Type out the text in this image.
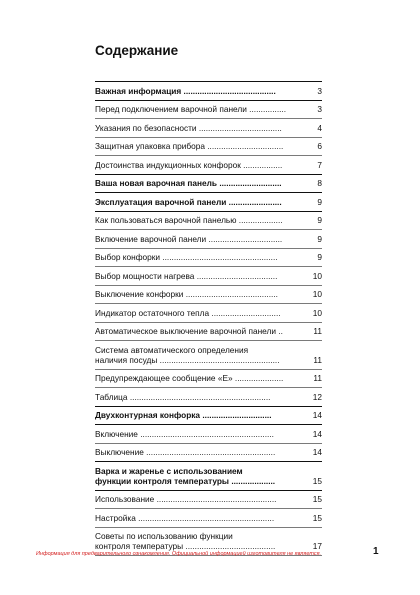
Содержание
Важная информация ........................................	3
Перед подключением варочной панели ................	3
Указания по безопасности ....................................	4
Защитная упаковка прибора .................................	6
Достоинства индукционных конфорок .................	7
Ваша новая варочная панель ...........................	8
Эксплуатация варочной панели .......................	9
Как пользоваться варочной панелью ...................	9
Включение варочной панели ................................	9
Выбор конфорки ..................................................	9
Выбор мощности нагрева ...................................	10
Выключение конфорки ........................................	10
Индикатор остаточного тепла ..............................	10
Автоматическое выключение варочной панели ..	11
Система автоматического определения
наличия посуды ....................................................	11
Предупреждающее сообщение «E» .....................	11
Таблица .............................................................	12
Двухконтурная конфорка ..............................	14
Включение ..........................................................	14
Выключение ........................................................	14
Варка и жаренье с использованием
функции контроля температуры ...................	15
Использование ....................................................	15
Настройка ...........................................................	15
Советы по использованию функции
контроля температуры .......................................	17
Информация для предварительного ознакомления. Официальной информацией изготовителя не является.	1
